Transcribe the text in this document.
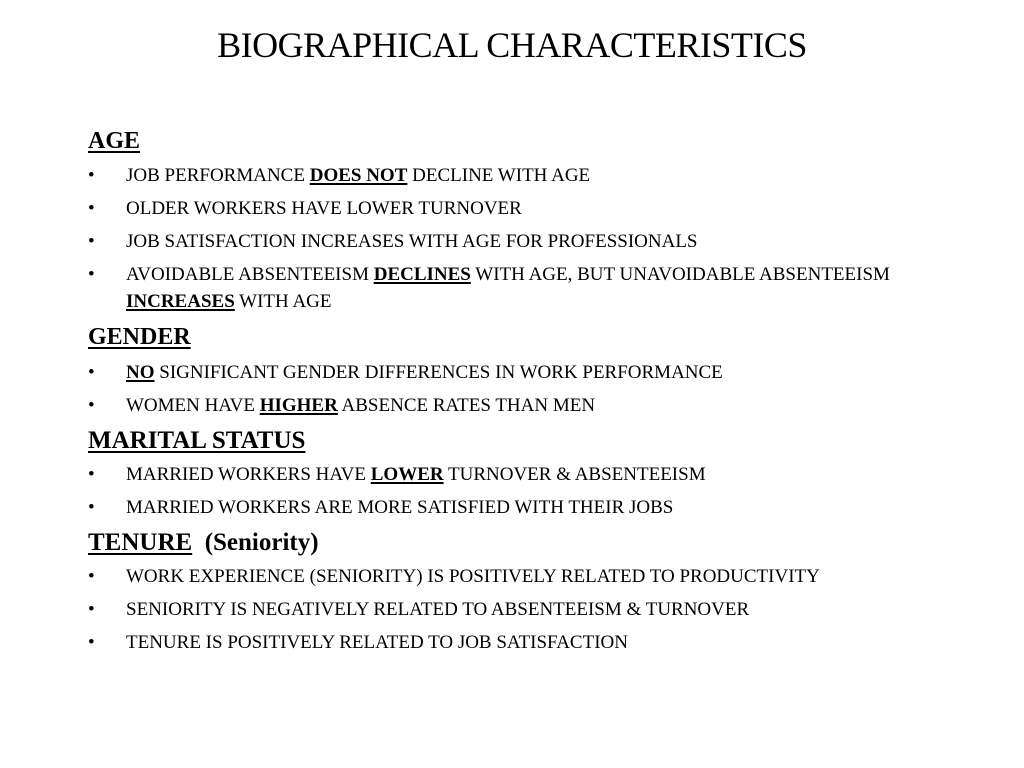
BIOGRAPHICAL CHARACTERISTICS
AGE
•	JOB PERFORMANCE DOES NOT DECLINE WITH AGE
•	OLDER WORKERS HAVE LOWER TURNOVER
•	JOB SATISFACTION INCREASES WITH AGE FOR PROFESSIONALS
•	AVOIDABLE ABSENTEEISM DECLINES WITH AGE, BUT UNAVOIDABLE ABSENTEEISM INCREASES WITH AGE
GENDER
•	NO SIGNIFICANT GENDER DIFFERENCES IN WORK PERFORMANCE
•	WOMEN HAVE HIGHER ABSENCE RATES THAN MEN
MARITAL STATUS
•	MARRIED WORKERS HAVE LOWER TURNOVER & ABSENTEEISM
•	MARRIED WORKERS ARE MORE SATISFIED WITH THEIR JOBS
TENURE  (Seniority)
•	WORK EXPERIENCE (SENIORITY) IS POSITIVELY RELATED TO PRODUCTIVITY
•	SENIORITY IS NEGATIVELY RELATED TO ABSENTEEISM & TURNOVER
•	TENURE IS POSITIVELY RELATED TO JOB SATISFACTION
